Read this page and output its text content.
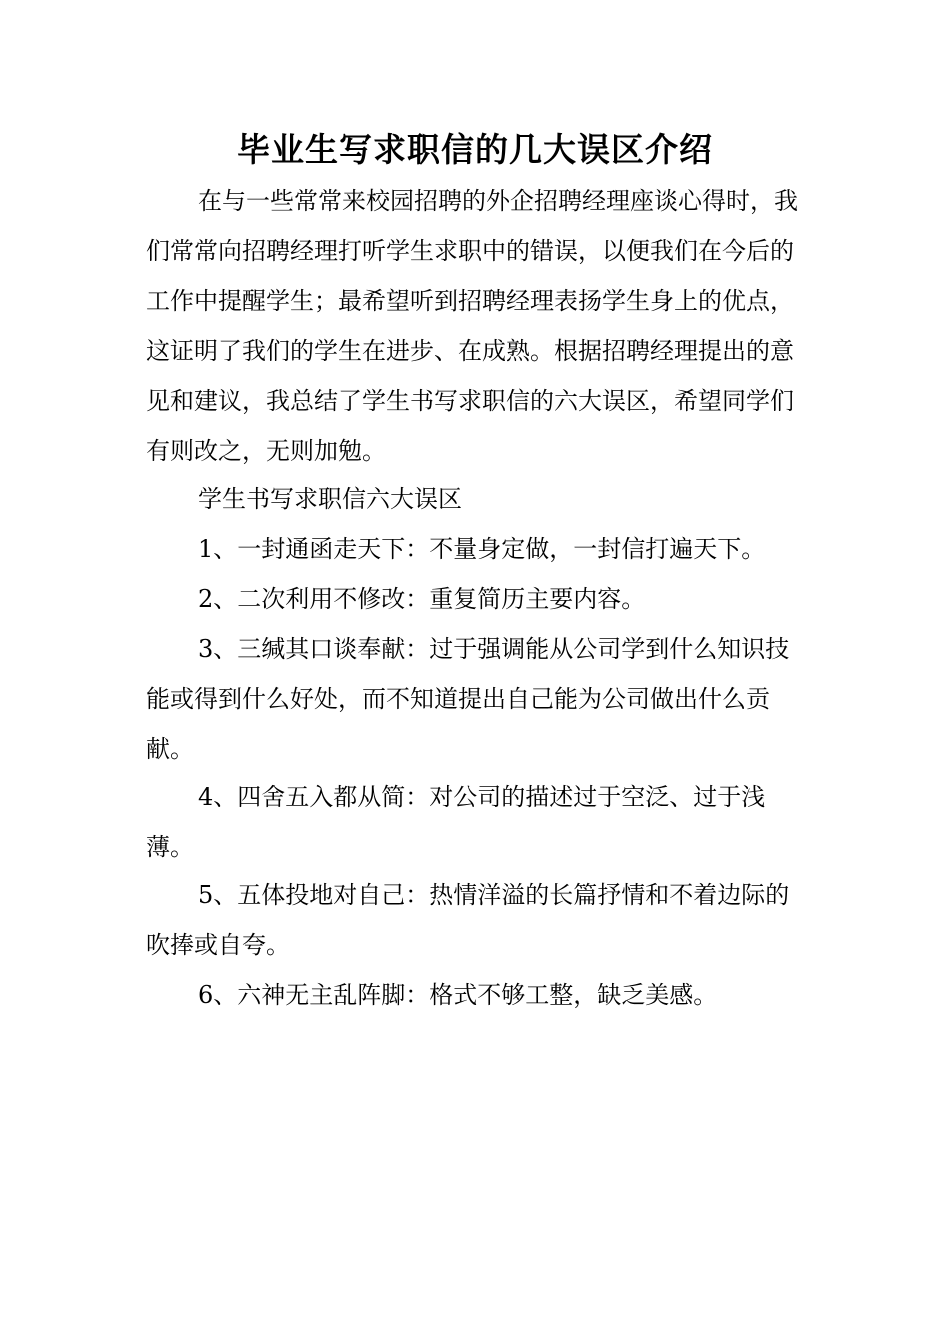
毕业生写求职信的几大误区介绍

在与一些常常来校园招聘的外企招聘经理座谈心得时，我们常常向招聘经理打听学生求职中的错误，以便我们在今后的工作中提醒学生；最希望听到招聘经理表扬学生身上的优点，这证明了我们的学生在进步、在成熟。根据招聘经理提出的意见和建议，我总结了学生书写求职信的六大误区，希望同学们有则改之，无则加勉。

学生书写求职信六大误区

1、一封通函走天下：不量身定做，一封信打遍天下。

2、二次利用不修改：重复简历主要内容。

3、三缄其口谈奉献：过于强调能从公司学到什么知识技能或得到什么好处，而不知道提出自己能为公司做出什么贡献。

4、四舍五入都从简：对公司的描述过于空泛、过于浅薄。

5、五体投地对自己：热情洋溢的长篇抒情和不着边际的吹捧或自夸。

6、六神无主乱阵脚：格式不够工整，缺乏美感。
